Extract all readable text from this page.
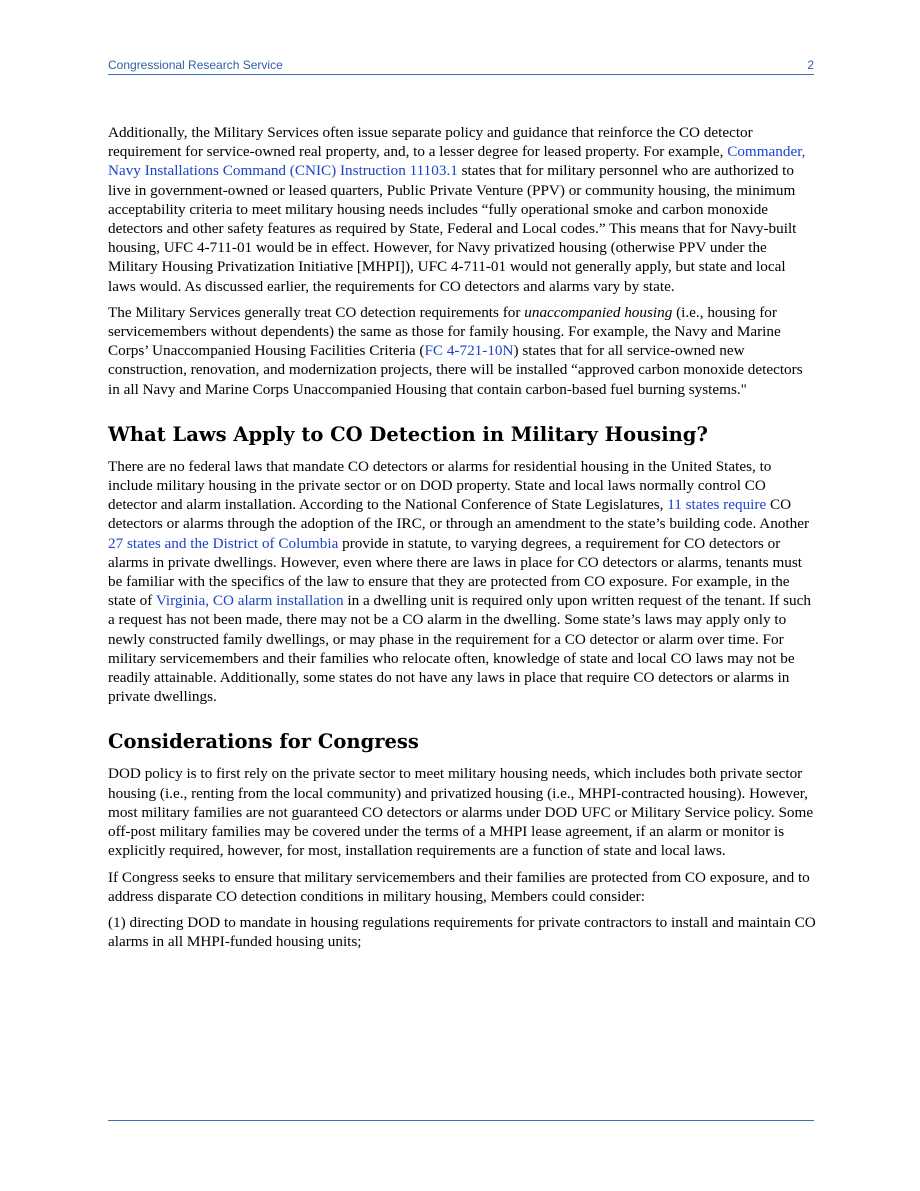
Congressional Research Service	2

Additionally, the Military Services often issue separate policy and guidance that reinforce the CO detector requirement for service-owned real property, and, to a lesser degree for leased property. For example, Commander, Navy Installations Command (CNIC) Instruction 11103.1 states that for military personnel who are authorized to live in government-owned or leased quarters, Public Private Venture (PPV) or community housing, the minimum acceptability criteria to meet military housing needs includes “fully operational smoke and carbon monoxide detectors and other safety features as required by State, Federal and Local codes.” This means that for Navy-built housing, UFC 4-711-01 would be in effect. However, for Navy privatized housing (otherwise PPV under the Military Housing Privatization Initiative [MHPI]), UFC 4-711-01 would not generally apply, but state and local laws would. As discussed earlier, the requirements for CO detectors and alarms vary by state.

The Military Services generally treat CO detection requirements for unaccompanied housing (i.e., housing for servicemembers without dependents) the same as those for family housing. For example, the Navy and Marine Corps’ Unaccompanied Housing Facilities Criteria (FC 4-721-10N) states that for all service-owned new construction, renovation, and modernization projects, there will be installed “approved carbon monoxide detectors in all Navy and Marine Corps Unaccompanied Housing that contain carbon-based fuel burning systems."

What Laws Apply to CO Detection in Military Housing?

There are no federal laws that mandate CO detectors or alarms for residential housing in the United States, to include military housing in the private sector or on DOD property. State and local laws normally control CO detector and alarm installation. According to the National Conference of State Legislatures, 11 states require CO detectors or alarms through the adoption of the IRC, or through an amendment to the state’s building code. Another 27 states and the District of Columbia provide in statute, to varying degrees, a requirement for CO detectors or alarms in private dwellings. However, even where there are laws in place for CO detectors or alarms, tenants must be familiar with the specifics of the law to ensure that they are protected from CO exposure. For example, in the state of Virginia, CO alarm installation in a dwelling unit is required only upon written request of the tenant. If such a request has not been made, there may not be a CO alarm in the dwelling. Some state’s laws may apply only to newly constructed family dwellings, or may phase in the requirement for a CO detector or alarm over time. For military servicemembers and their families who relocate often, knowledge of state and local CO laws may not be readily attainable. Additionally, some states do not have any laws in place that require CO detectors or alarms in private dwellings.

Considerations for Congress

DOD policy is to first rely on the private sector to meet military housing needs, which includes both private sector housing (i.e., renting from the local community) and privatized housing (i.e., MHPI-contracted housing). However, most military families are not guaranteed CO detectors or alarms under DOD UFC or Military Service policy. Some off-post military families may be covered under the terms of a MHPI lease agreement, if an alarm or monitor is explicitly required, however, for most, installation requirements are a function of state and local laws.

If Congress seeks to ensure that military servicemembers and their families are protected from CO exposure, and to address disparate CO detection conditions in military housing, Members could consider:

(1) directing DOD to mandate in housing regulations requirements for private contractors to install and maintain CO alarms in all MHPI-funded housing units;
